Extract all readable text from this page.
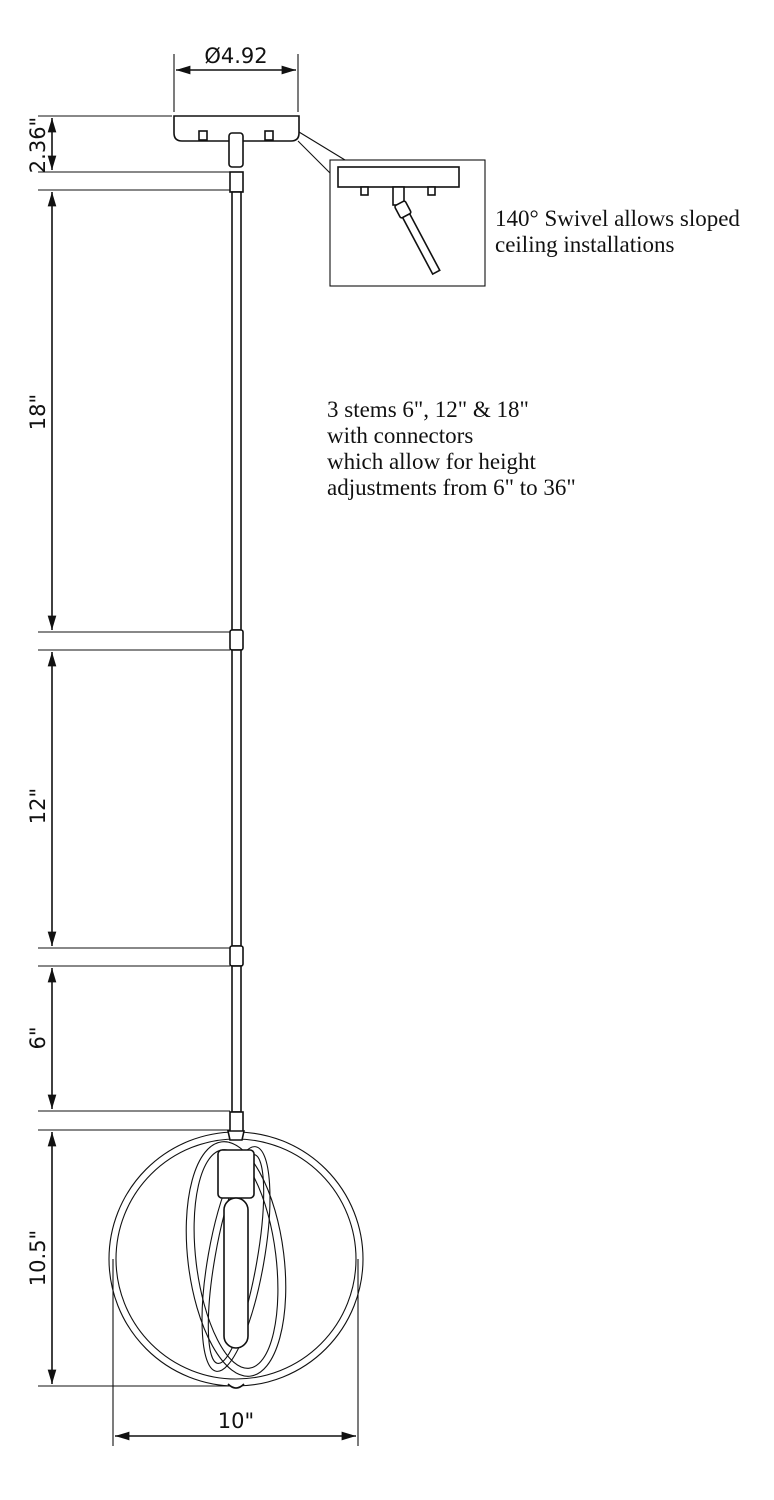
Ø4.92
2.36"
18"
12"
6"
10.5"
10"
140° Swivel allows sloped
ceiling installations
3 stems 6", 12" & 18"
with connectors
which allow for height
adjustments from 6" to 36"
